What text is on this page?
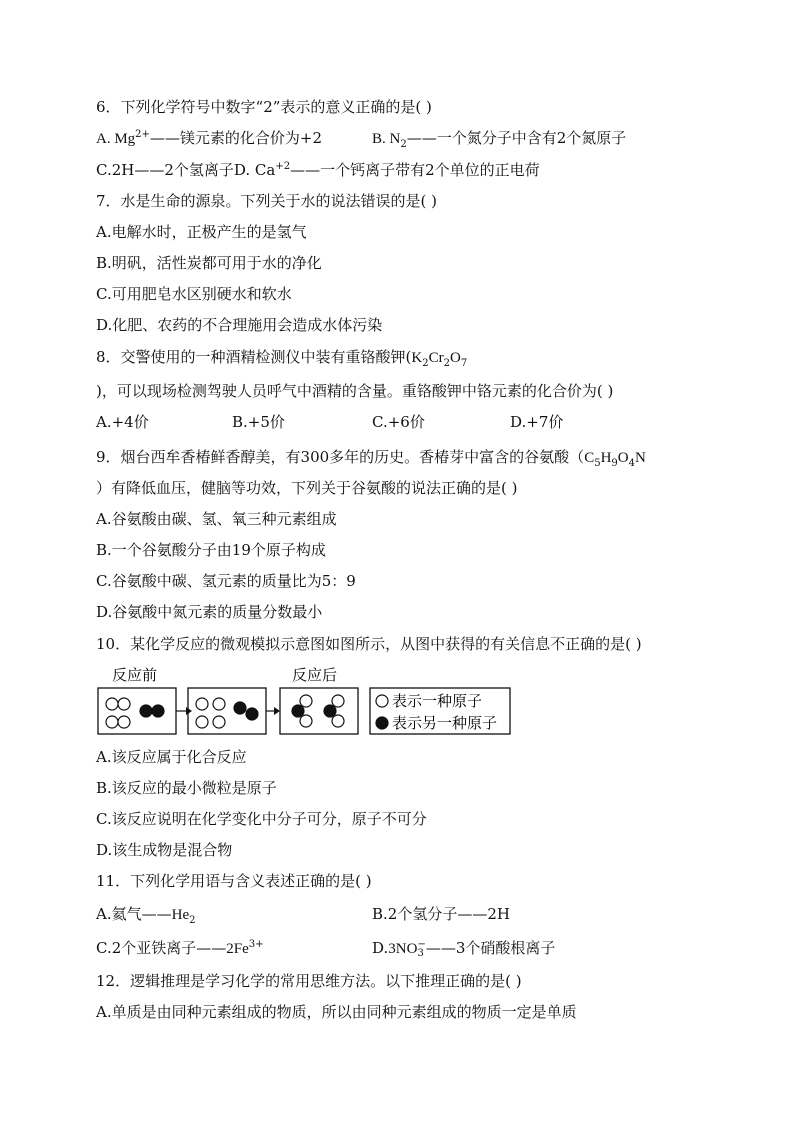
6．下列化学符号中数字“2”表示的意义正确的是( )
A. $Mg^{2+}——$镁元素的化合价为+2	B. $N_2——$一个氮分子中含有2个氮原子
C.2H——2个氢离子D. $Ca^{+2}——$一个钙离子带有2个单位的正电荷
7．水是生命的源泉。下列关于水的说法错误的是( )
A.电解水时，正极产生的是氢气
B.明矾，活性炭都可用于水的净化
C.可用肥皂水区别硬水和软水
D.化肥、农药的不合理施用会造成水体污染
8．交警使用的一种酒精检测仪中装有重铬酸钾($K_2Cr_2O_7$
)，可以现场检测驾驶人员呼气中酒精的含量。重铬酸钾中铬元素的化合价为( )
A.+4价	B.+5价	C.+6价	D.+7价
9．烟台西牟香椿鲜香醇美，有300多年的历史。香椿芽中富含的谷氨酸（$C_5H_9O_4N$
）有降低血压，健脑等功效，下列关于谷氨酸的说法正确的是( )
A.谷氨酸由碳、氢、氧三种元素组成
B.一个谷氨酸分子由19个原子构成
C.谷氨酸中碳、氢元素的质量比为5：9
D.谷氨酸中氮元素的质量分数最小
10．某化学反应的微观模拟示意图如图所示，从图中获得的有关信息不正确的是( )
反应前	反应后
表示一种原子
表示另一种原子
A.该反应属于化合反应
B.该反应的最小微粒是原子
C.该反应说明在化学变化中分子可分，原子不可分
D.该生成物是混合物
11．下列化学用语与含义表述正确的是( )
A.氦气$——He_2$	B.2个氢分子——2H
C.2个亚铁离子$——2Fe^{3+}$	D.3NO −
3 ——3个硝酸根离子
12．逻辑推理是学习化学的常用思维方法。以下推理正确的是( )
A.单质是由同种元素组成的物质，所以由同种元素组成的物质一定是单质
